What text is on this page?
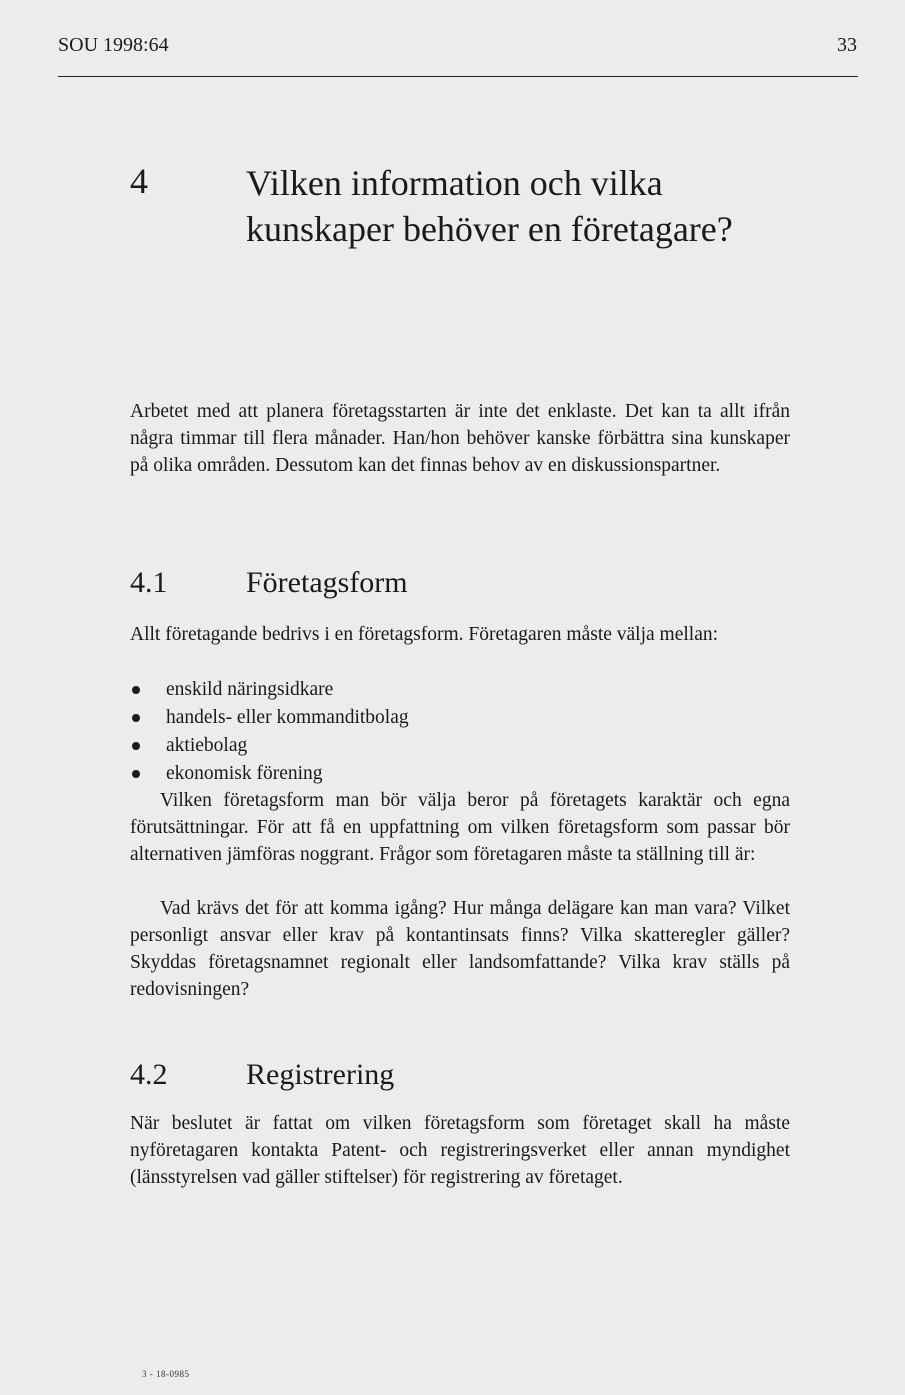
SOU 1998:64	33
4	Vilken information och vilka
kunskaper behöver en företagare?
Arbetet med att planera företagsstarten är inte det enklaste. Det kan ta allt ifrån några timmar till flera månader. Han/hon behöver kanske förbättra sina kunskaper på olika områden. Dessutom kan det finnas behov av en diskussionspartner.
4.1	Företagsform
Allt företagande bedrivs i en företagsform. Företagaren måste välja mellan:
enskild näringsidkare
handels- eller kommanditbolag
aktiebolag
ekonomisk förening
Vilken företagsform man bör välja beror på företagets karaktär och egna förutsättningar. För att få en uppfattning om vilken företagsform som passar bör alternativen jämföras noggrant. Frågor som företagaren måste ta ställning till är:
Vad krävs det för att komma igång? Hur många delägare kan man vara? Vilket personligt ansvar eller krav på kontantinsats finns? Vilka skatteregler gäller? Skyddas företagsnamnet regionalt eller landsomfattande? Vilka krav ställs på redovisningen?
4.2	Registrering
När beslutet är fattat om vilken företagsform som företaget skall ha måste nyföretagaren kontakta Patent- och registreringsverket eller annan myndighet (länsstyrelsen vad gäller stiftelser) för registrering av företaget.
3 - 18-0985
